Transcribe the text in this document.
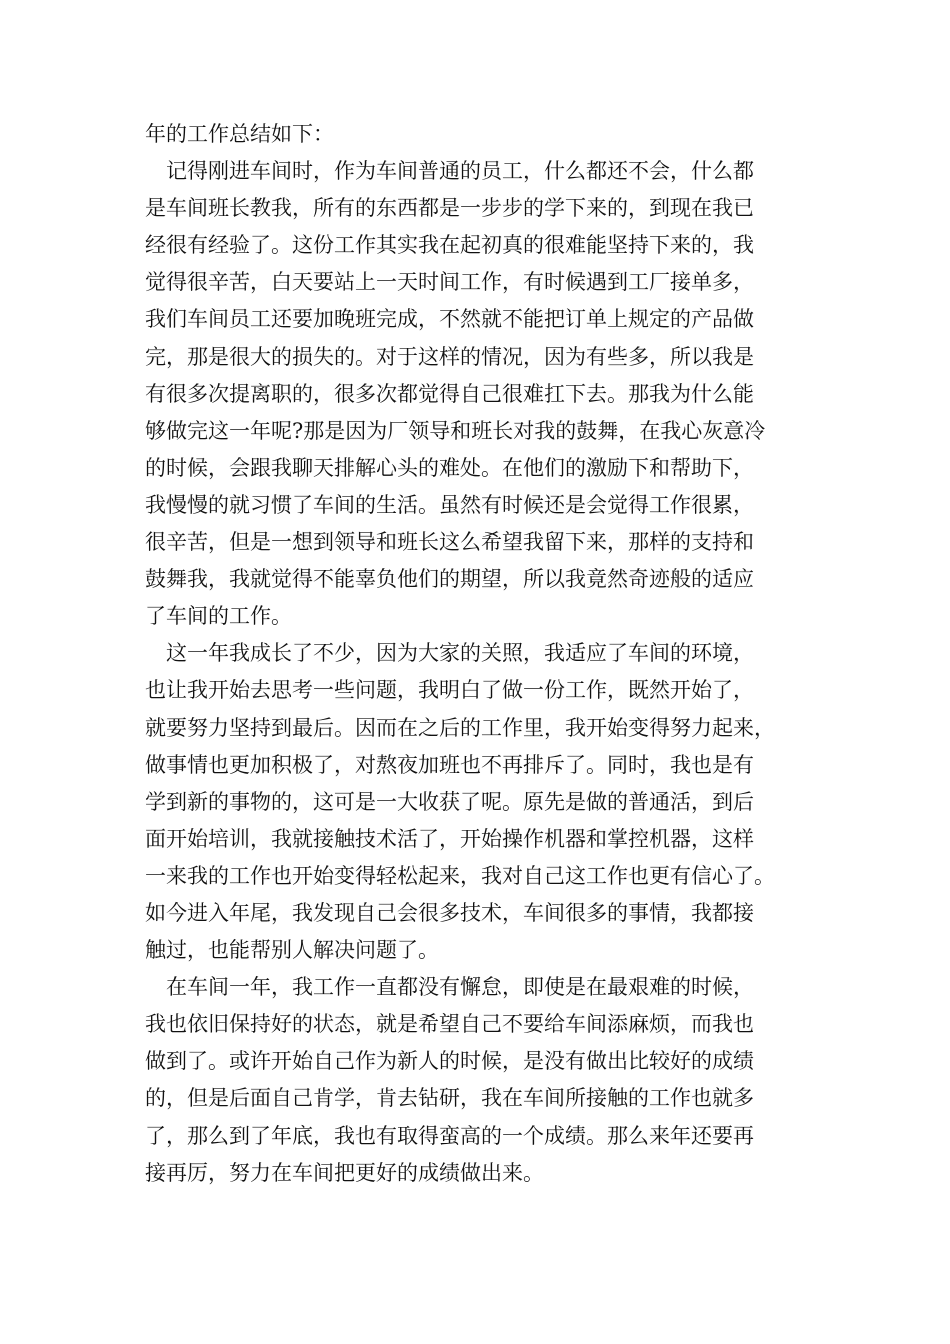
年的工作总结如下：
记得刚进车间时，作为车间普通的员工，什么都还不会，什么都
是车间班长教我，所有的东西都是一步步的学下来的，到现在我已
经很有经验了。这份工作其实我在起初真的很难能坚持下来的，我
觉得很辛苦，白天要站上一天时间工作，有时候遇到工厂接单多，
我们车间员工还要加晚班完成，不然就不能把订单上规定的产品做
完，那是很大的损失的。对于这样的情况，因为有些多，所以我是
有很多次提离职的，很多次都觉得自己很难扛下去。那我为什么能
够做完这一年呢?那是因为厂领导和班长对我的鼓舞，在我心灰意冷
的时候，会跟我聊天排解心头的难处。在他们的激励下和帮助下，
我慢慢的就习惯了车间的生活。虽然有时候还是会觉得工作很累，
很辛苦，但是一想到领导和班长这么希望我留下来，那样的支持和
鼓舞我，我就觉得不能辜负他们的期望，所以我竟然奇迹般的适应
了车间的工作。
这一年我成长了不少，因为大家的关照，我适应了车间的环境，
也让我开始去思考一些问题，我明白了做一份工作，既然开始了，
就要努力坚持到最后。因而在之后的工作里，我开始变得努力起来，
做事情也更加积极了，对熬夜加班也不再排斥了。同时，我也是有
学到新的事物的，这可是一大收获了呢。原先是做的普通活，到后
面开始培训，我就接触技术活了，开始操作机器和掌控机器，这样
一来我的工作也开始变得轻松起来，我对自己这工作也更有信心了。
如今进入年尾，我发现自己会很多技术，车间很多的事情，我都接
触过，也能帮别人解决问题了。
在车间一年，我工作一直都没有懈怠，即使是在最艰难的时候，
我也依旧保持好的状态，就是希望自己不要给车间添麻烦，而我也
做到了。或许开始自己作为新人的时候，是没有做出比较好的成绩
的，但是后面自己肯学，肯去钻研，我在车间所接触的工作也就多
了，那么到了年底，我也有取得蛮高的一个成绩。那么来年还要再
接再厉，努力在车间把更好的成绩做出来。
